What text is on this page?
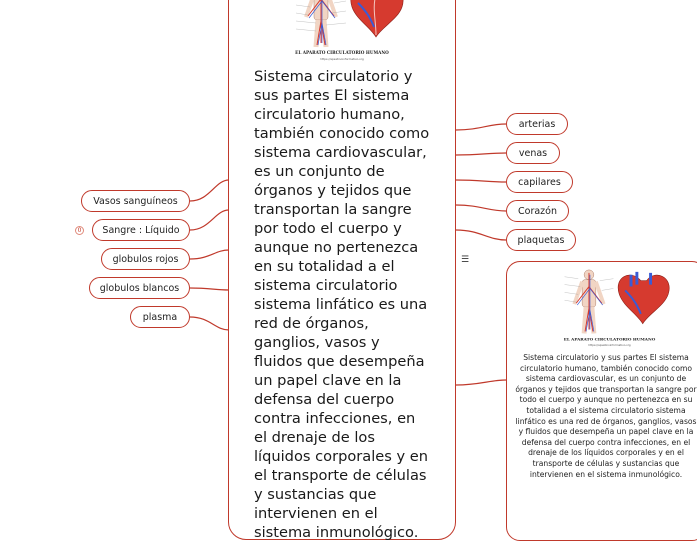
EL APARATO CIRCULATORIO HUMANO
https://apsatinoinformativo.org
Sistema circulatorio y sus partes El sistema circulatorio humano, también conocido como sistema cardiovascular, es un conjunto de órganos y tejidos que transportan la sangre por todo el cuerpo y aunque no pertenezca en su totalidad a el sistema circulatorio sistema linfático es una red de órganos, ganglios, vasos y fluidos que desempeña un papel clave en la defensa del cuerpo contra infecciones, en el drenaje de los líquidos corporales y en el transporte de células y sustancias que intervienen en el sistema inmunológico.
Vasos sanguíneos
Sangre : Líquido
0
globulos rojos
globulos blancos
plasma
arterias
venas
capilares
Corazón
plaquetas
☰
EL APARATO CIRCULATORIO HUMANO
https://apsatinoinformativo.org
Sistema circulatorio y sus partes El sistema circulatorio humano, también conocido como sistema cardiovascular, es un conjunto de órganos y tejidos que transportan la sangre por todo el cuerpo y aunque no pertenezca en su totalidad a el sistema circulatorio sistema linfático es una red de órganos, ganglios, vasos y fluidos que desempeña un papel clave en la defensa del cuerpo contra infecciones, en el drenaje de los líquidos corporales y en el transporte de células y sustancias que intervienen en el sistema inmunológico.
